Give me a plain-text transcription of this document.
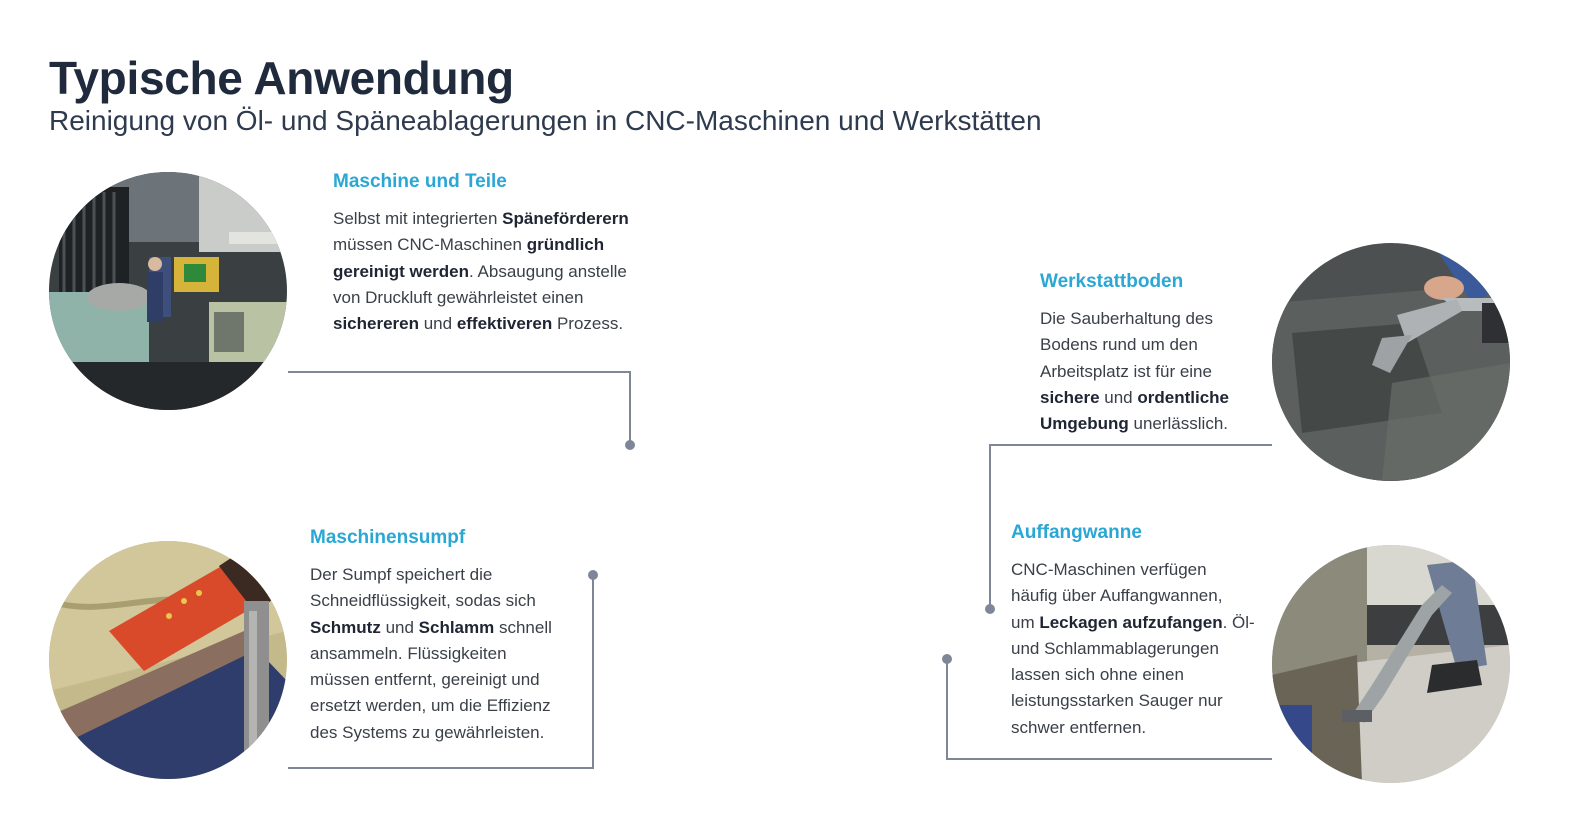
Typische Anwendung
Reinigung von Öl- und Späneablagerungen in CNC-Maschinen und Werkstätten
Maschine und Teile

Selbst mit integrierten Späneförderern
müssen CNC-Maschinen gründlich
gereinigt werden. Absaugung anstelle
von Druckluft gewährleistet einen
sichereren und effektiveren Prozess.

Werkstattboden

Die Sauberhaltung des
Bodens rund um den
Arbeitsplatz ist für eine
sichere und ordentliche
Umgebung unerlässlich.

Maschinensumpf

Der Sumpf speichert die
Schneidflüssigkeit, sodas sich
Schmutz und Schlamm schnell
ansammeln. Flüssigkeiten
müssen entfernt, gereinigt und
ersetzt werden, um die Effizienz
des Systems zu gewährleisten.

Auffangwanne

CNC-Maschinen verfügen
häufig über Auffangwannen,
um Leckagen aufzufangen. Öl-
und Schlammablagerungen
lassen sich ohne einen
leistungsstarken Sauger nur
schwer entfernen.
